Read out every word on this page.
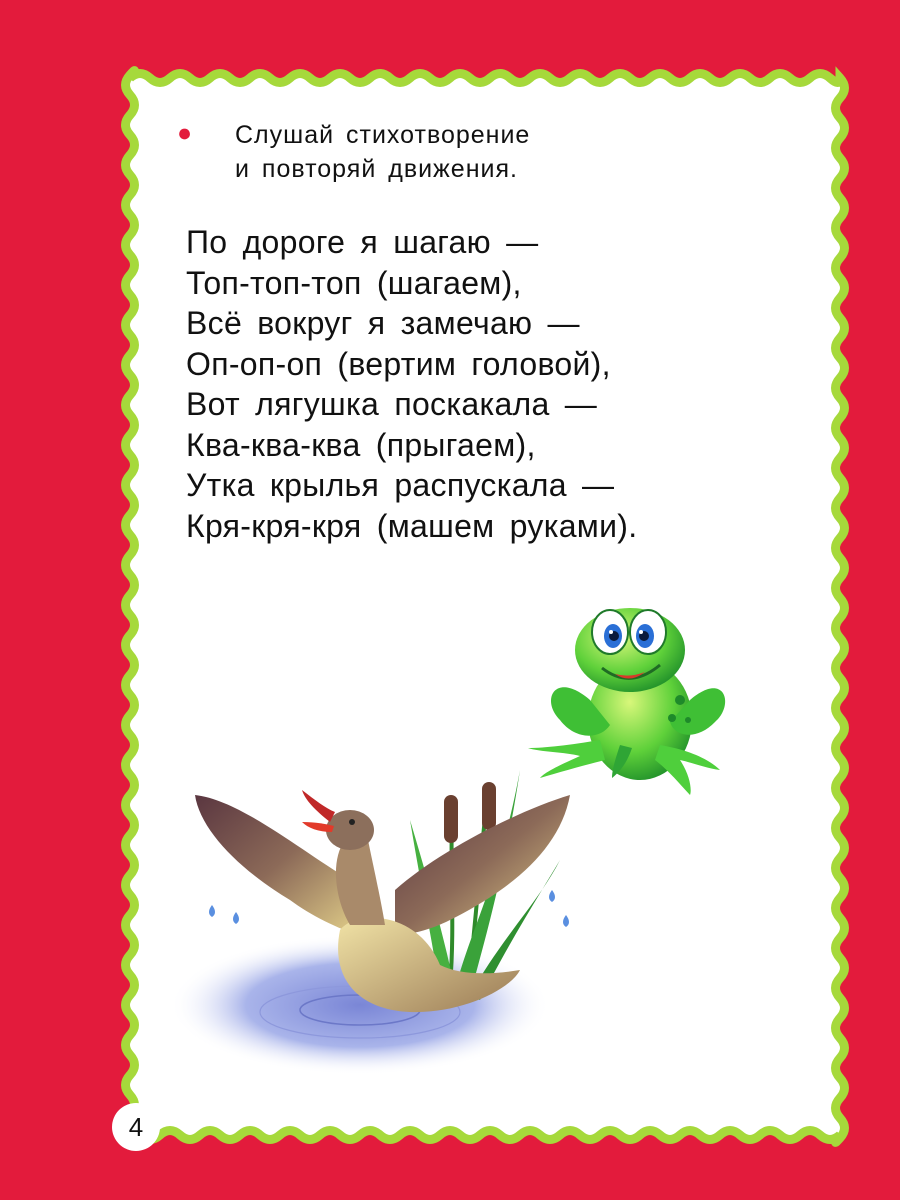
● Слушай стихотворение
и повторяй движения.
По дороге я шагаю —
Топ-топ-топ (шагаем),
Всё вокруг я замечаю —
Оп-оп-оп (вертим головой),
Вот лягушка поскакала —
Ква-ква-ква (прыгаем),
Утка крылья распускала —
Кря-кря-кря (машем руками).
4
